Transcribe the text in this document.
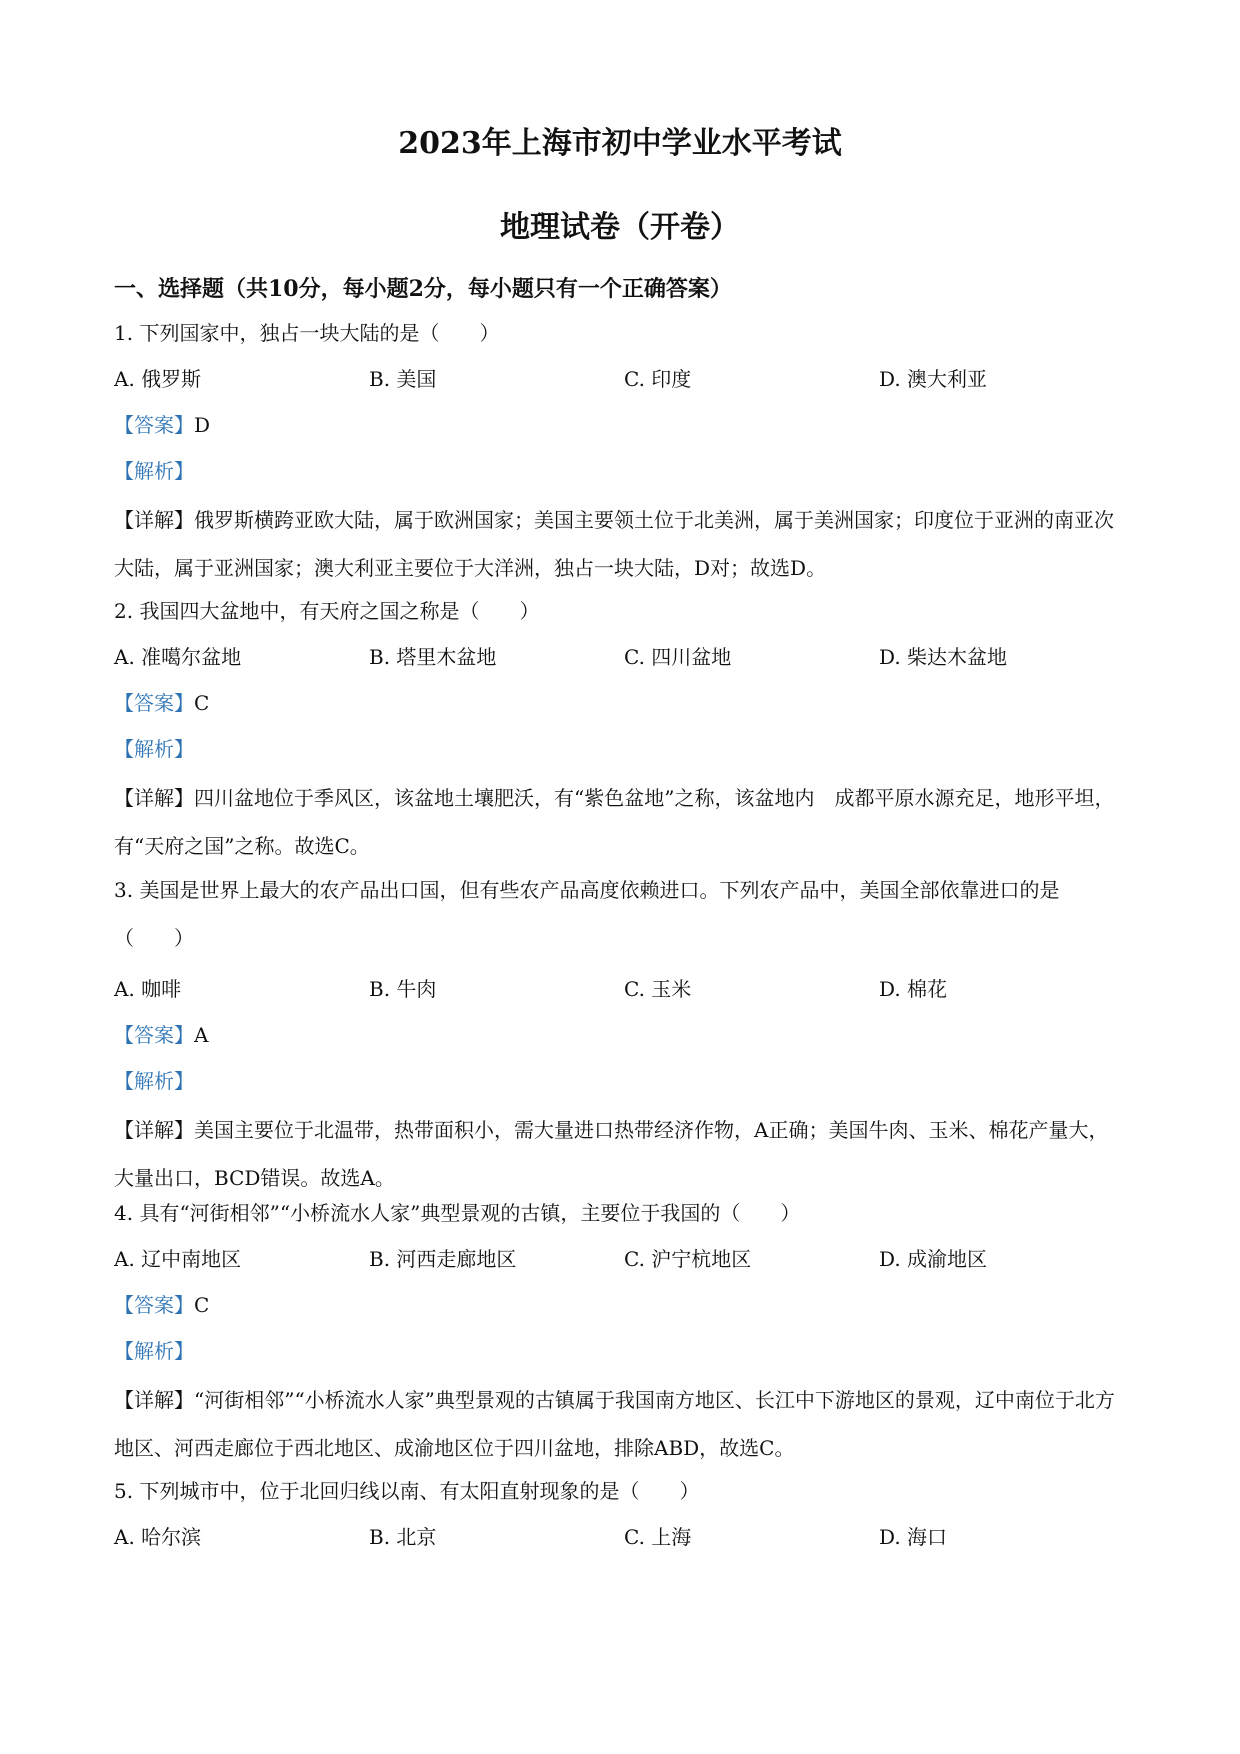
2023年上海市初中学业水平考试
地理试卷（开卷）
一、选择题（共10分，每小题2分，每小题只有一个正确答案）
1. 下列国家中，独占一块大陆的是（　　）
A. 俄罗斯	B. 美国	C. 印度	D. 澳大利亚
【答案】D
【解析】
【详解】俄罗斯横跨亚欧大陆，属于欧洲国家；美国主要领土位于北美洲，属于美洲国家；印度位于亚洲的南亚次大陆，属于亚洲国家；澳大利亚主要位于大洋洲，独占一块大陆，D对；故选D。
2. 我国四大盆地中，有天府之国之称是（　　）
A. 准噶尔盆地	B. 塔里木盆地	C. 四川盆地	D. 柴达木盆地
【答案】C
【解析】
【详解】四川盆地位于季风区，该盆地土壤肥沃，有“紫色盆地”之称，该盆地内　成都平原水源充足，地形平坦，有“天府之国”之称。故选C。
3. 美国是世界上最大的农产品出口国，但有些农产品高度依赖进口。下列农产品中，美国全部依靠进口的是（　　）
A. 咖啡	B. 牛肉	C. 玉米	D. 棉花
【答案】A
【解析】
【详解】美国主要位于北温带，热带面积小，需大量进口热带经济作物，A正确；美国牛肉、玉米、棉花产量大，大量出口，BCD错误。故选A。
4. 具有“河街相邻”“小桥流水人家”典型景观的古镇，主要位于我国的（　　）
A. 辽中南地区	B. 河西走廊地区	C. 沪宁杭地区	D. 成渝地区
【答案】C
【解析】
【详解】“河街相邻”“小桥流水人家”典型景观的古镇属于我国南方地区、长江中下游地区的景观，辽中南位于北方地区、河西走廊位于西北地区、成渝地区位于四川盆地，排除ABD，故选C。
5. 下列城市中，位于北回归线以南、有太阳直射现象的是（　　）
A. 哈尔滨	B. 北京	C. 上海	D. 海口
